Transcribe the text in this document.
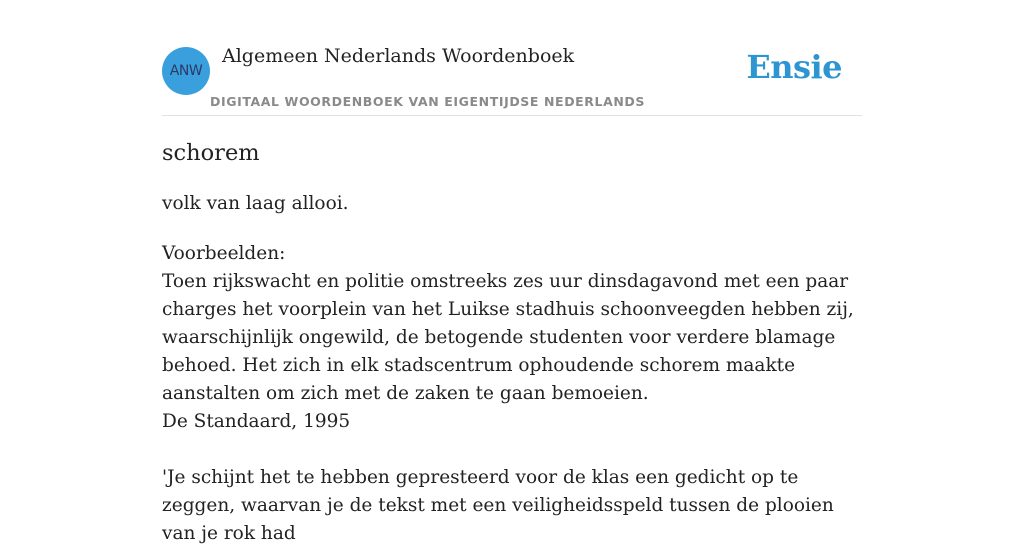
ANW
Algemeen Nederlands Woordenboek
DIGITAAL WOORDENBOEK VAN EIGENTIJDSE NEDERLANDS
Ensie
schorem
volk van laag allooi.

Voorbeelden:

Toen rijkswacht en politie omstreeks zes uur dinsdagavond met een paar charges het voorplein van het Luikse stadhuis schoonveegden hebben zij, waarschijnlijk ongewild, de betogende studenten voor verdere blamage behoed. Het zich in elk stadscentrum ophoudende schorem maakte aanstalten om zich met de zaken te gaan bemoeien.

De Standaard, 1995

'Je schijnt het te hebben gepresteerd voor de klas een gedicht op te zeggen, waarvan je de tekst met een veiligheidsspeld tussen de plooien van je rok had
